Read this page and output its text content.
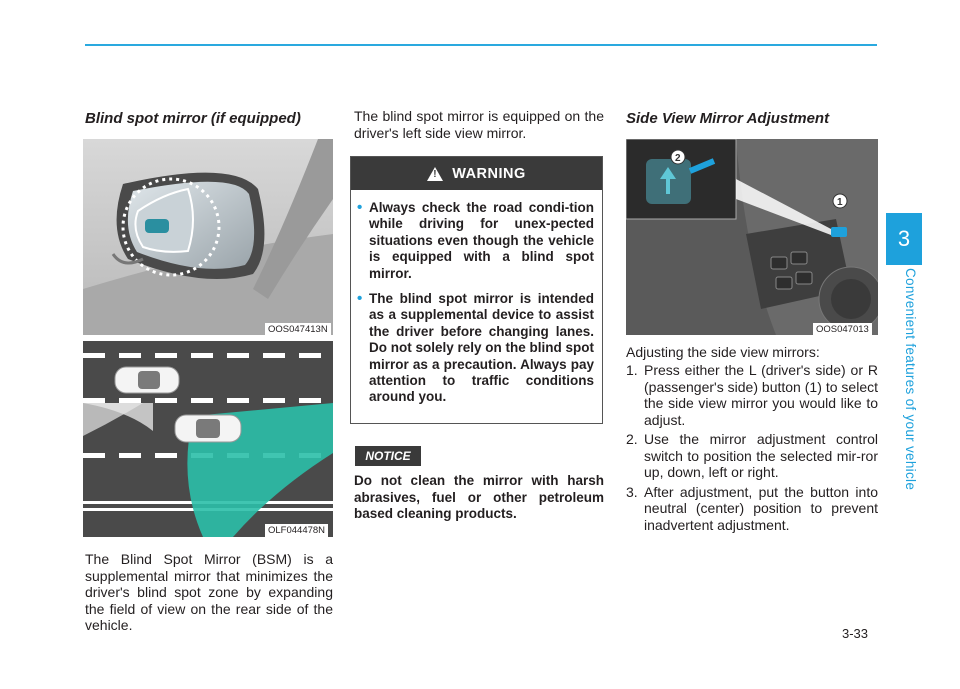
Blind spot mirror (if equipped)
OOS047413N
OLF044478N
The Blind Spot Mirror (BSM) is a supplemental mirror that minimizes the driver's blind spot zone by expanding the field of view on the rear side of the vehicle.
The blind spot mirror is equipped on the driver's left side view mirror.
! WARNING
• Always check the road condi-tion while driving for unex-pected situations even though the vehicle is equipped with a blind spot mirror.
• The blind spot mirror is intended as a supplemental device to assist the driver before changing lanes. Do not solely rely on the blind spot mirror as a precaution. Always pay attention to traffic conditions around you.
NOTICE
Do not clean the mirror with harsh abrasives, fuel or other petroleum based cleaning products.
Side View Mirror Adjustment
2
1
OOS047013
Adjusting the side view mirrors:
1. Press either the L (driver's side) or R (passenger's side) button (1) to select the side view mirror you would like to adjust.
2. Use the mirror adjustment control switch to position the selected mir-ror up, down, left or right.
3. After adjustment, put the button into neutral (center) position to prevent inadvertent adjustment.
3
Convenient features of your vehicle
3-33
